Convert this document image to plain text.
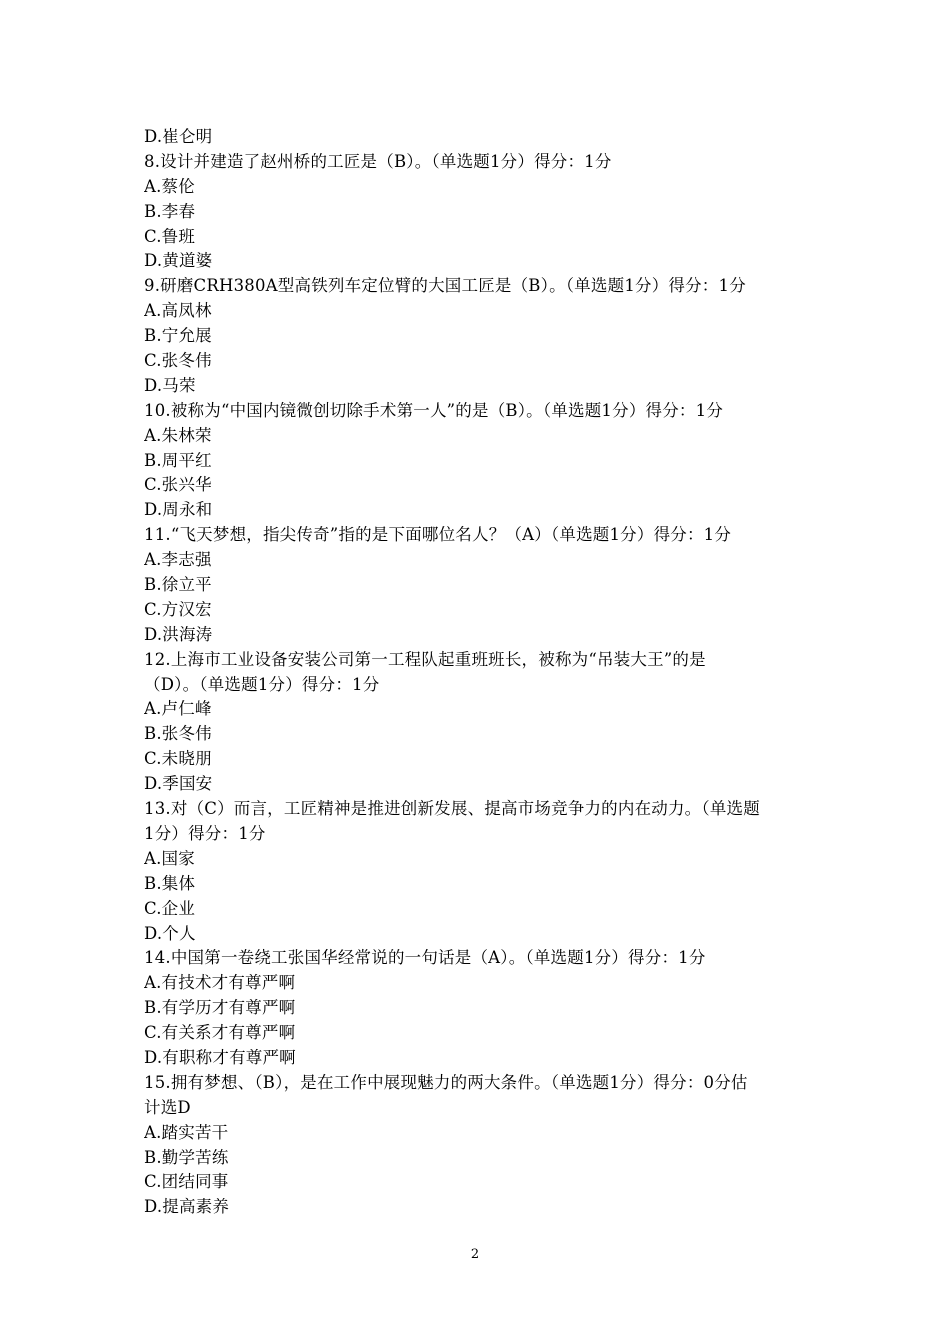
D.崔仑明
8.设计并建造了赵州桥的工匠是（B）。（单选题1分）得分：1分
A.蔡伦
B.李春
C.鲁班
D.黄道婆
9.研磨CRH380A型高铁列车定位臂的大国工匠是（B）。（单选题1分）得分：1分
A.高凤林
B.宁允展
C.张冬伟
D.马荣
10.被称为“中国内镜微创切除手术第一人”的是（B）。（单选题1分）得分：1分
A.朱林荣
B.周平红
C.张兴华
D.周永和
11.“飞天梦想，指尖传奇”指的是下面哪位名人？（A）（单选题1分）得分：1分
A.李志强
B.徐立平
C.方汉宏
D.洪海涛
12.上海市工业设备安装公司第一工程队起重班班长，被称为“吊装大王”的是
（D）。（单选题1分）得分：1分
A.卢仁峰
B.张冬伟
C.未晓朋
D.季国安
13.对（C）而言，工匠精神是推进创新发展、提高市场竞争力的内在动力。（单选题
1分）得分：1分
A.国家
B.集体
C.企业
D.个人
14.中国第一卷绕工张国华经常说的一句话是（A）。（单选题1分）得分：1分
A.有技术才有尊严啊
B.有学历才有尊严啊
C.有关系才有尊严啊
D.有职称才有尊严啊
15.拥有梦想、（B），是在工作中展现魅力的两大条件。（单选题1分）得分：0分估
计选D
A.踏实苦干
B.勤学苦练
C.团结同事
D.提高素养
2
